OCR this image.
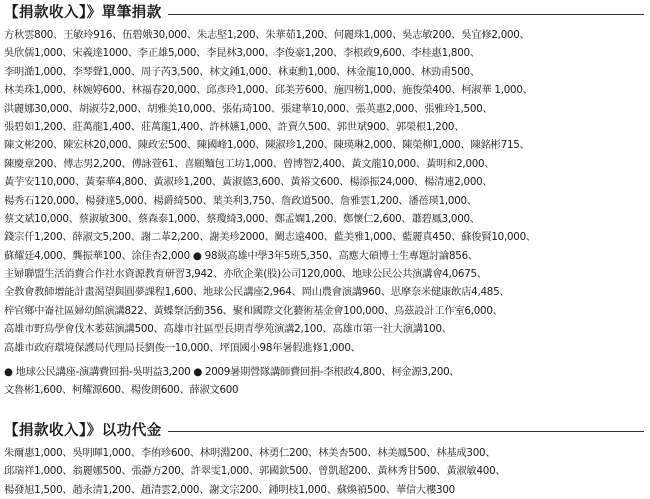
【捐款收入】》單筆捐款
方秋雲800、王敏玲916、伍碧娥30,000、朱志堅1,200、朱華茹1,200、何麗珠1,000、吳志敏200、吳宜修2,000、
吳欣儒1,000、宋義達1000、李正雄5,000、李昆林3,000、李俊豪1,200、李根政9,600、李桂惠1,800、
李明澔1,000、李琴聲1,000、周子芮3,500、林文鍾1,000、林東勳1,000、林金龍10,000、林勁甫500、
林美珠1,000、林婉婷600、林福春20,000、邱彥玲1,000、邱美芳600、施四榜1,000、施俊榮400、柯淑華 1,000、
洪麗娜30,000、胡淑芬2,000、胡雅美10,000、張佑琦100、張建華10,000、張英惠2,000、張雅玲1,500、
張碧如1,200、莊萬龍1,400、莊萬龍1,400、許林嬿1,000、許賣久500、郭世斌900、郭榮根1,200、
陳文彬200、陳宏林20,000、陳政宏500、陳國峰1,000、陳淑珍1,200、陳瑛琳2,000、陳榮柳1,000、陳銘彬715、
陳慶章200、傅志男2,200、傅詠萱61、喜願麵包工坊1,000、曾博智2,400、黃文龍10,000、黃明和2,000、
黃芋安110,000、黃秦華4,800、黃淑珍1,200、黃淑德3,600、黃裕文600、楊添振24,000、楊清連2,000、
楊秀石120,000、楊發達5,000、楊爵綺500、葉美利3,750、詹政道500、詹雅雲1,200、潘蓓瑛1,000、
蔡文斌10,000、蔡淑敏300、蔡森泰1,000、蔡瓊綺3,000、鄭孟嫻1,200、鄭懷仁2,600、蕭碧鳳3,000、
錢宗仟1,200、薛淑文5,200、謝二革2,200、謝美珍2000、闕志遠400、藍美雅1,000、藍麗真450、蘇俊賢10,000、
蘇耀廷4,000、龔振華100、涂佳杏2,000 ● 98級高雄中學3年5班5,350、高應大碩博士生專題討論856、
主婦聯盟生活消費合作社水資源教育研習3,942、亦欣企業(股)公司120,000、地球公民公共演講會4,0675、
全教會教師增能計畫渴望與圓夢課程1,600、地球公民講座2,964、岡山農會演講960、思摩奈米健康飲店4,485、
梓官鄉中崙社區婦幼館演講822、黃蝶祭活動356、聚和國際文化藝術基金會100,000、鳥茲設計工作室6,000、
高雄市野鳥學會伐木萎菇演講500、高雄市社區型長期青學苑演講2,100、高雄市第一社大演講100、
高雄市政府環境保護局代理局長劉俊一10,000、坪頂國小98年暑假進修1,000、
● 地球公民講座-演講費回捐-吳明益3,200 ● 2009暑期營隊講師費回捐-李根政4,800、柯金源3,200、
文魯彬1,600、柯耀源600、楊俊朗600、薛淑文600
【捐款收入】》以功代金
朱爾惠1,000、吳明暉1,000、李侑珍600、林明淵200、林勇仁200、林美杏500、林美鳳500、林基成300、
邱瑞祥1,000、翁麗娜500、張瀞方200、許翠雯1,000、郭國欽500、曾凱超200、黃林秀甘500、黃淑敏400、
楊發旭1,500、趙永清1,200、趙清雲2,000、謝文宗200、鍾明枝1,000、蘇煥禎500、華信大樓300
